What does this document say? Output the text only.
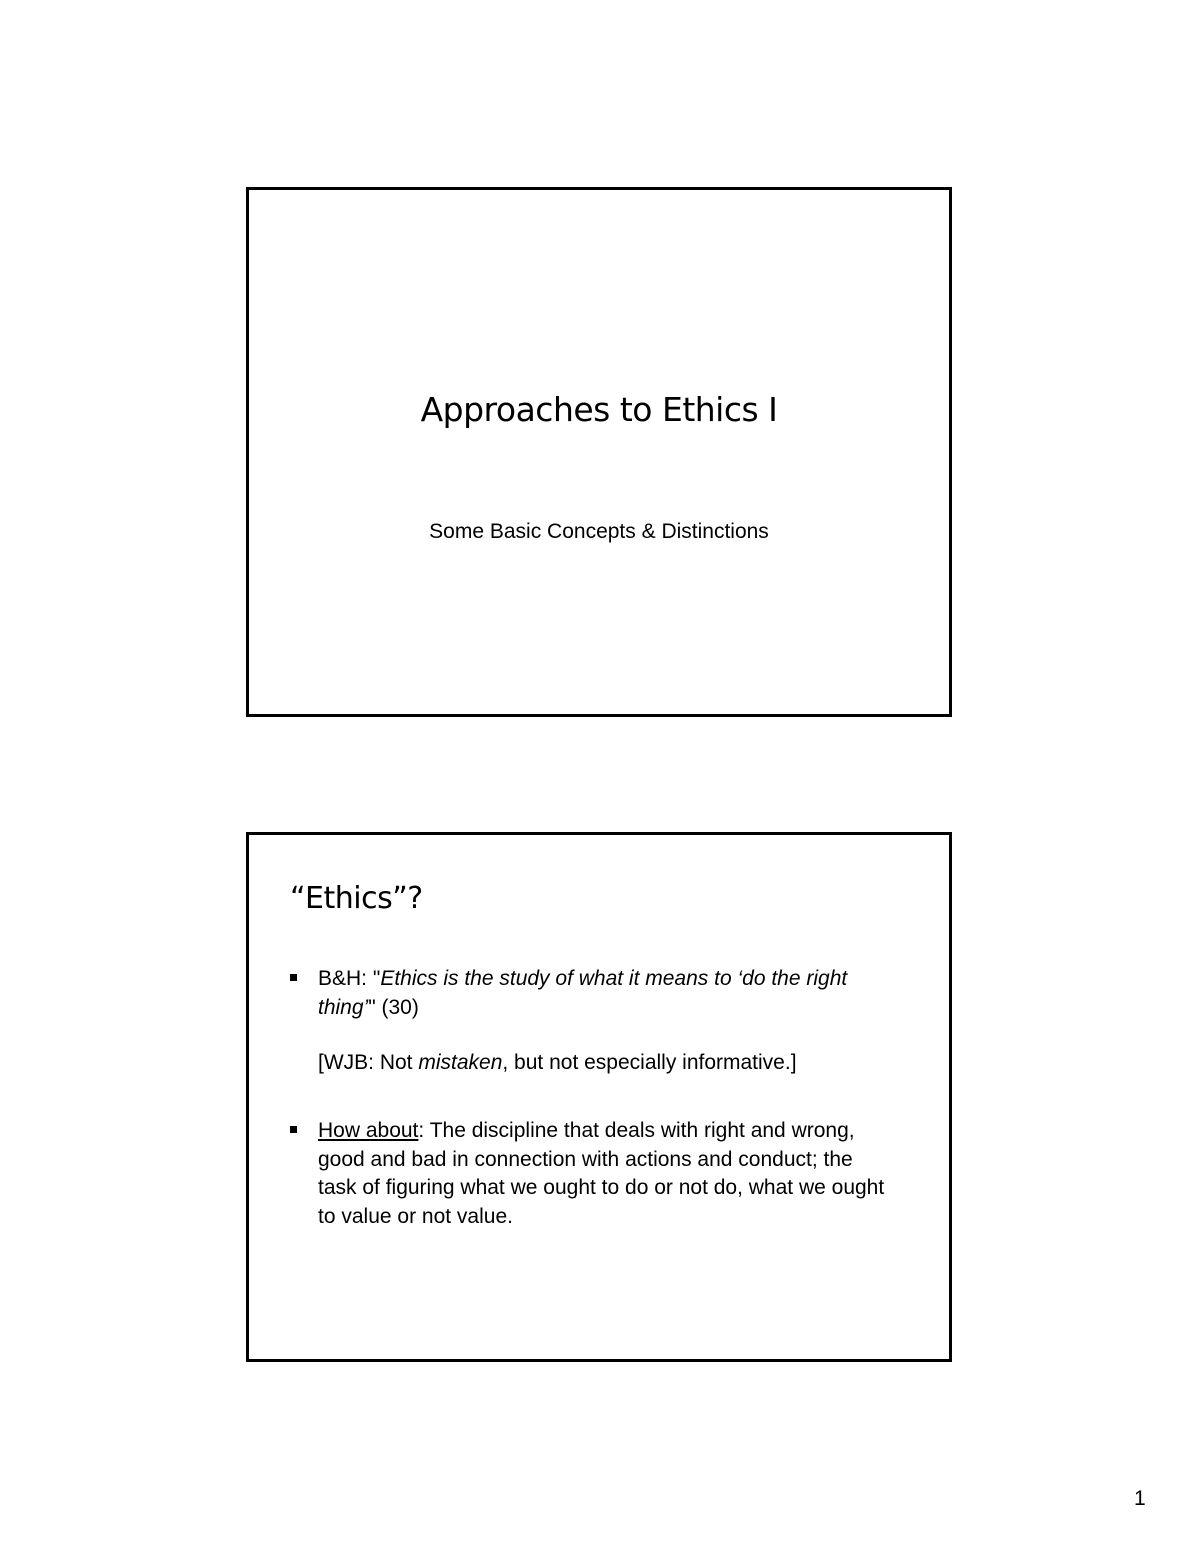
Approaches to Ethics I
Some Basic Concepts & Distinctions
“Ethics”?
B&H: "Ethics is the study of what it means to ‘do the right thing’" (30)
[WJB: Not mistaken, but not especially informative.]
How about: The discipline that deals with right and wrong, good and bad in connection with actions and conduct; the task of figuring what we ought to do or not do, what we ought to value or not value.
1
